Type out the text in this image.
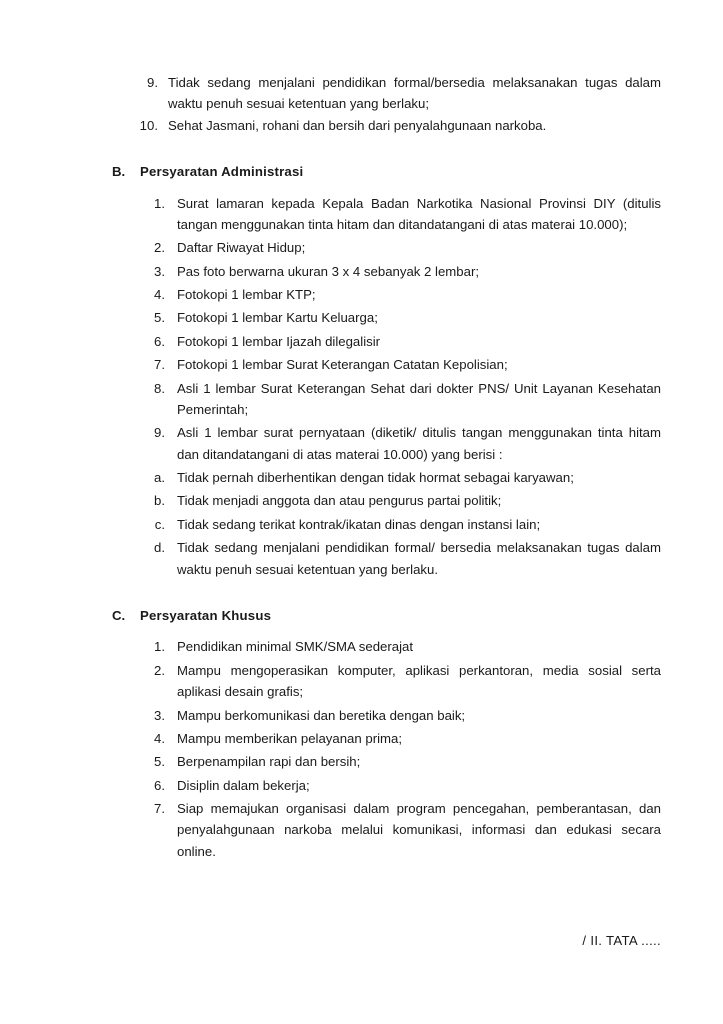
9. Tidak sedang menjalani pendidikan formal/bersedia melaksanakan tugas dalam waktu penuh sesuai ketentuan yang berlaku;
10. Sehat Jasmani, rohani dan bersih dari penyalahgunaan narkoba.
B. Persyaratan Administrasi
1. Surat lamaran kepada Kepala Badan Narkotika Nasional Provinsi DIY (ditulis tangan menggunakan tinta hitam dan ditandatangani di atas materai 10.000);
2. Daftar Riwayat Hidup;
3. Pas foto berwarna ukuran 3 x 4 sebanyak 2 lembar;
4. Fotokopi 1 lembar KTP;
5. Fotokopi 1 lembar Kartu Keluarga;
6. Fotokopi 1 lembar Ijazah dilegalisir
7. Fotokopi 1 lembar Surat Keterangan Catatan Kepolisian;
8. Asli 1 lembar Surat Keterangan Sehat dari dokter PNS/ Unit Layanan Kesehatan Pemerintah;
9. Asli 1 lembar surat pernyataan (diketik/ ditulis tangan menggunakan tinta hitam dan ditandatangani di atas materai 10.000) yang berisi :
a. Tidak pernah diberhentikan dengan tidak hormat sebagai karyawan;
b. Tidak menjadi anggota dan atau pengurus partai politik;
c. Tidak sedang terikat kontrak/ikatan dinas dengan instansi lain;
d. Tidak sedang menjalani pendidikan formal/ bersedia melaksanakan tugas dalam waktu penuh sesuai ketentuan yang berlaku.
C. Persyaratan Khusus
1. Pendidikan minimal SMK/SMA sederajat
2. Mampu mengoperasikan komputer, aplikasi perkantoran, media sosial serta aplikasi desain grafis;
3. Mampu berkomunikasi dan beretika dengan baik;
4. Mampu memberikan pelayanan prima;
5. Berpenampilan rapi dan bersih;
6. Disiplin dalam bekerja;
7. Siap memajukan organisasi dalam program pencegahan, pemberantasan, dan penyalahgunaan narkoba melalui komunikasi, informasi dan edukasi secara online.
/ II. TATA .....
